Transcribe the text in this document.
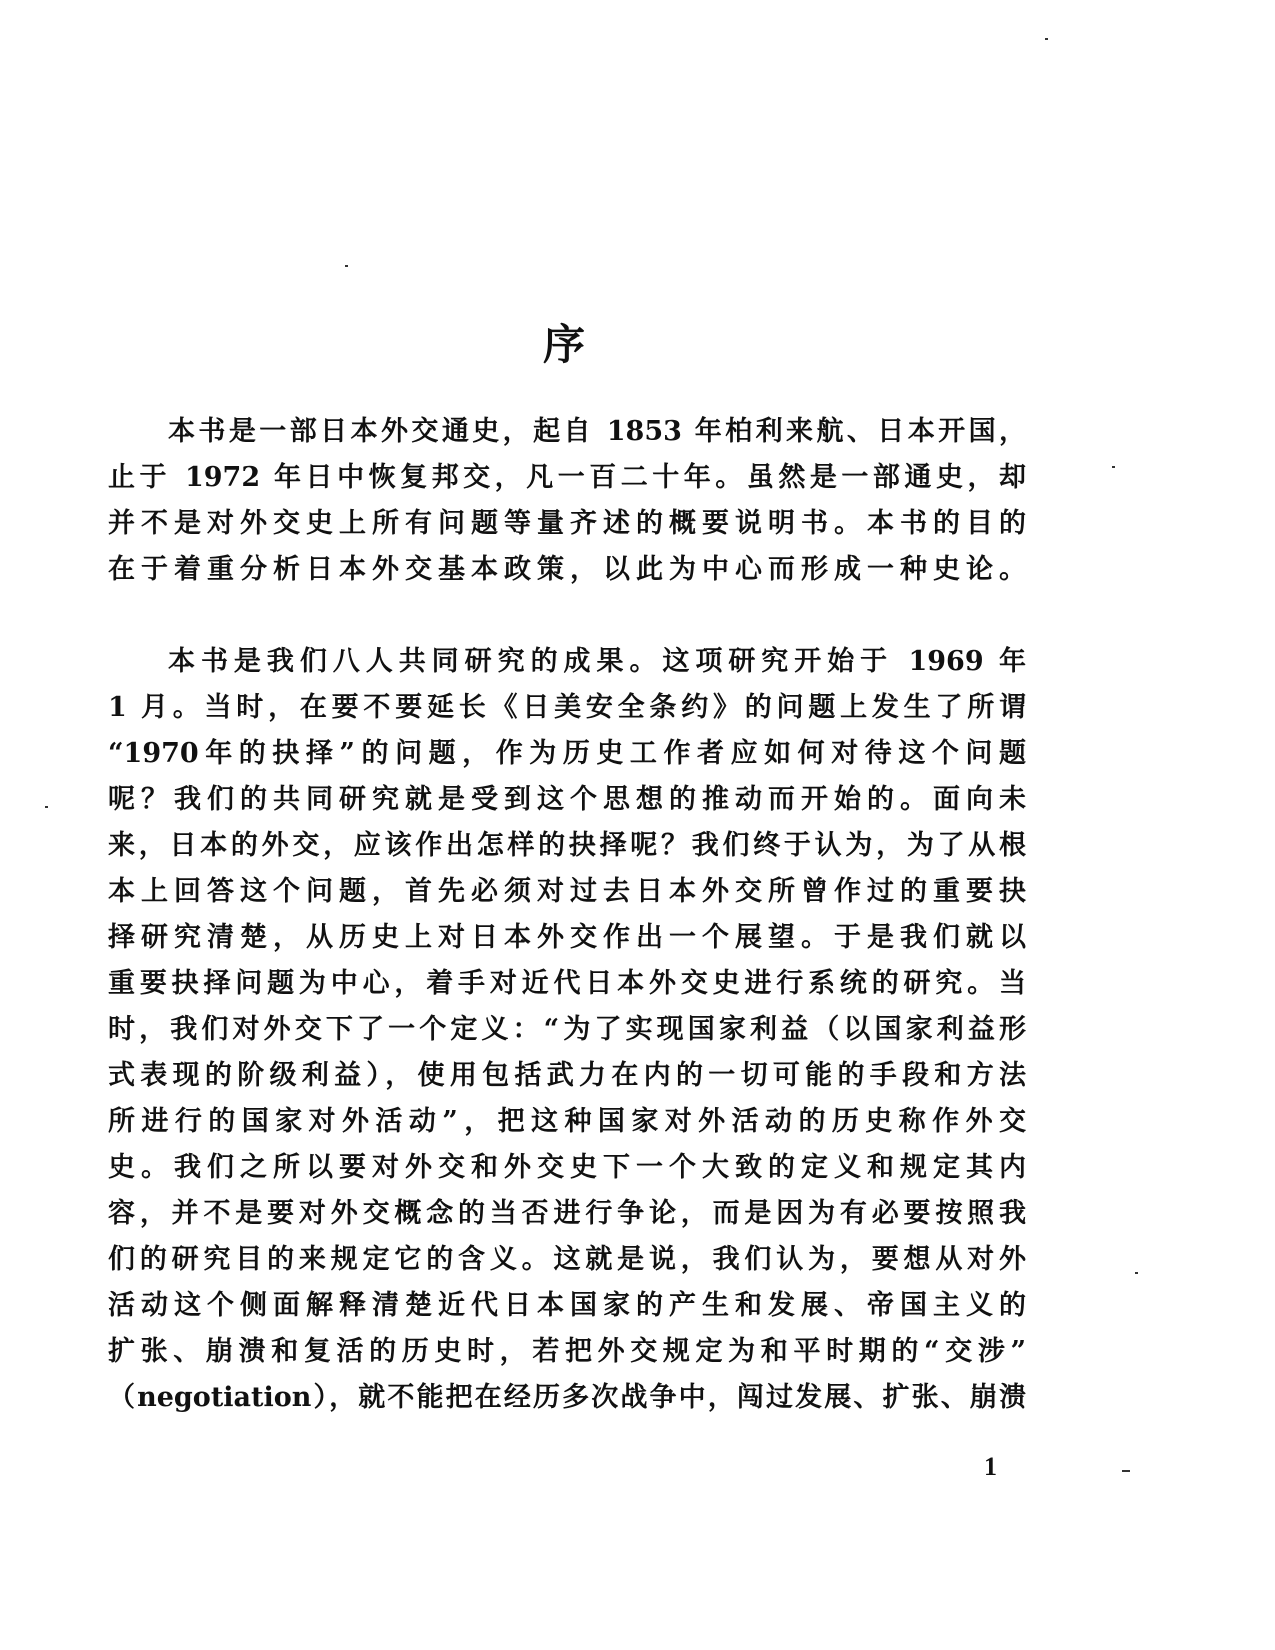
序
本书是一部日本外交通史，起自 1853 年柏利来航、日本开国，
止于 1972 年日中恢复邦交，凡一百二十年。虽然是一部通史，却
并不是对外交史上所有问题等量齐述的概要说明书。本书的目的
在于着重分析日本外交基本政策，以此为中心而形成一种史论。
本书是我们八人共同研究的成果。这项研究开始于 1969 年
1 月。当时，在要不要延长《日美安全条约》的问题上发生了所谓
“1970年的抉择”的问题，作为历史工作者应如何对待这个问题
呢？我们的共同研究就是受到这个思想的推动而开始的。面向未
来，日本的外交，应该作出怎样的抉择呢？我们终于认为，为了从根
本上回答这个问题，首先必须对过去日本外交所曾作过的重要抉
择研究清楚，从历史上对日本外交作出一个展望。于是我们就以
重要抉择问题为中心，着手对近代日本外交史进行系统的研究。当
时，我们对外交下了一个定义：“为了实现国家利益（以国家利益形
式表现的阶级利益），使用包括武力在内的一切可能的手段和方法
所进行的国家对外活动”，把这种国家对外活动的历史称作外交
史。我们之所以要对外交和外交史下一个大致的定义和规定其内
容，并不是要对外交概念的当否进行争论，而是因为有必要按照我
们的研究目的来规定它的含义。这就是说，我们认为，要想从对外
活动这个侧面解释清楚近代日本国家的产生和发展、帝国主义的
扩张、崩溃和复活的历史时，若把外交规定为和平时期的“交涉”
（negotiation），就不能把在经历多次战争中，闯过发展、扩张、崩溃
1
